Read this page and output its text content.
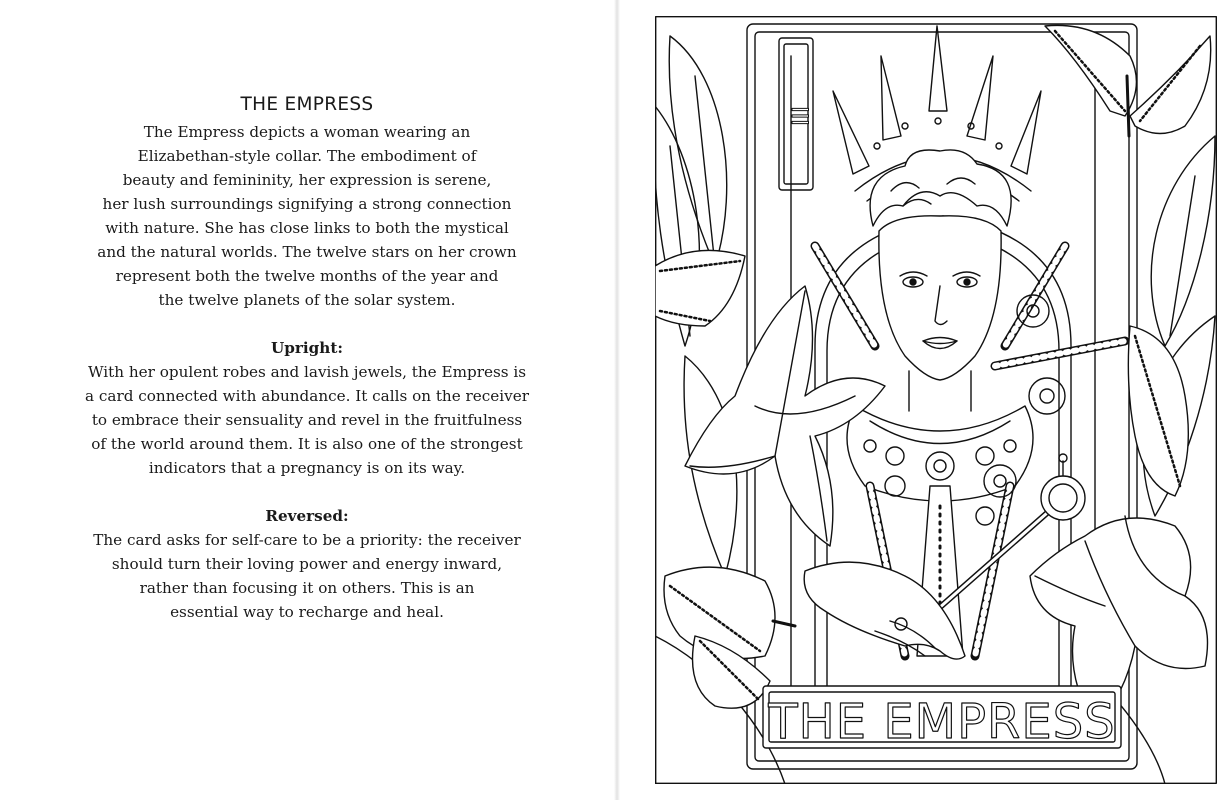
THE EMPRESS

The Empress depicts a woman wearing an
Elizabethan-style collar. The embodiment of
beauty and femininity, her expression is serene,
her lush surroundings signifying a strong connection
with nature. She has close links to both the mystical
and the natural worlds. The twelve stars on her crown
represent both the twelve months of the year and
the twelve planets of the solar system.

Upright:

With her opulent robes and lavish jewels, the Empress is
a card connected with abundance. It calls on the receiver
to embrace their sensuality and revel in the fruitfulness
of the world around them. It is also one of the strongest
indicators that a pregnancy is on its way.

Reversed:

The card asks for self-care to be a priority: the receiver
should turn their loving power and energy inward,
rather than focusing it on others. This is an
essential way to recharge and heal.

III
THE EMPRESS
